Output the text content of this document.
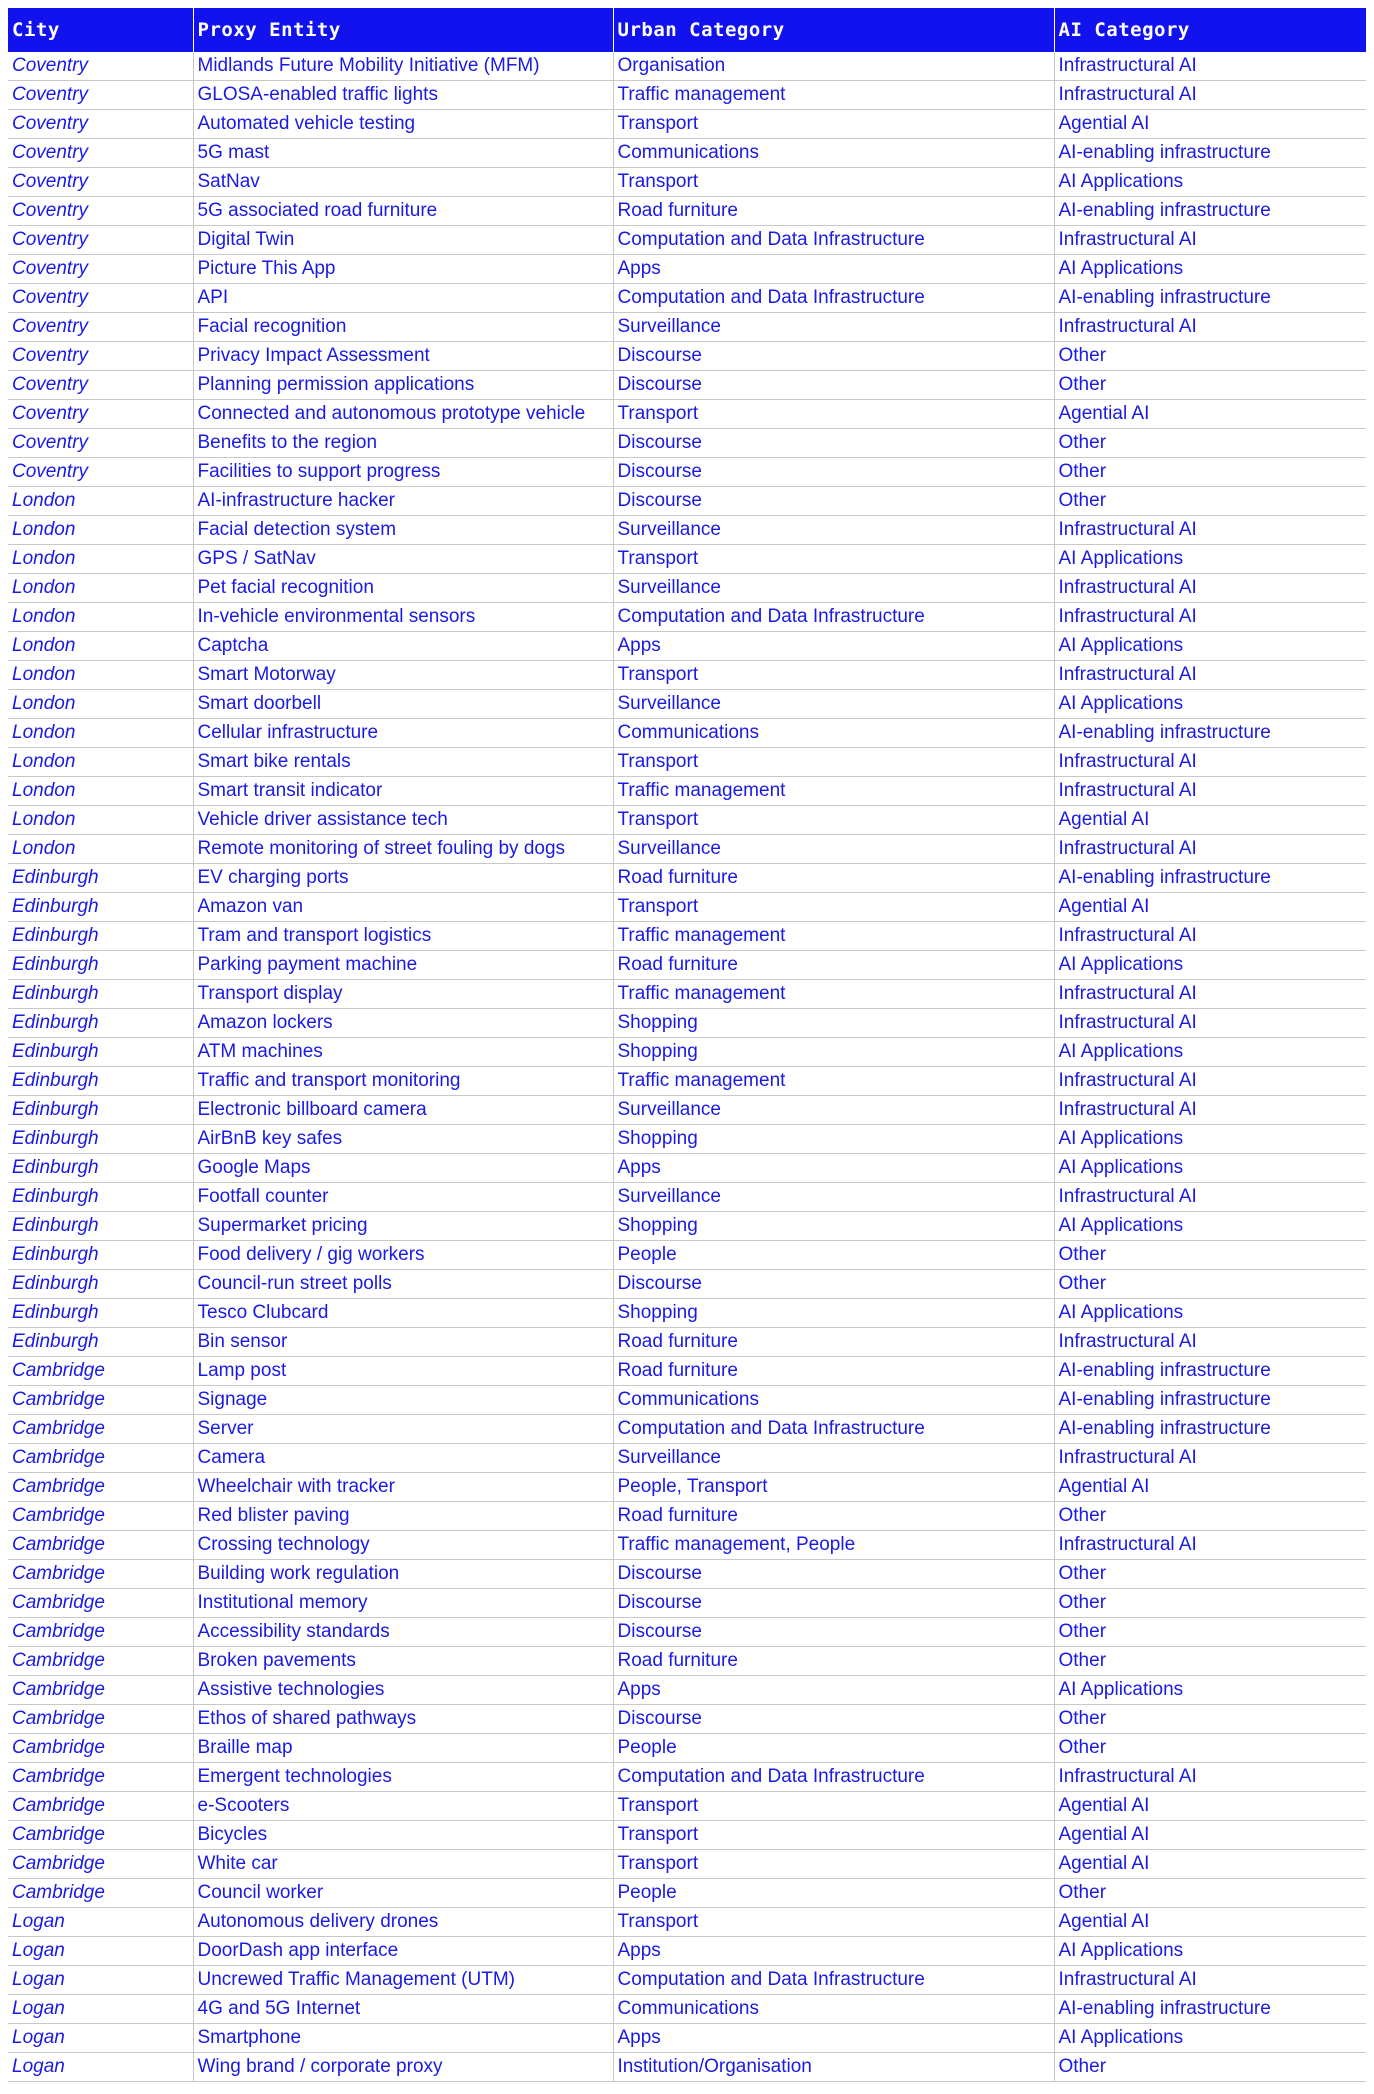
City	Proxy Entity	Urban Category	AI Category
Coventry	Midlands Future Mobility Initiative (MFM)	Organisation	Infrastructural AI
Coventry	GLOSA-enabled traffic lights	Traffic management	Infrastructural AI
Coventry	Automated vehicle testing	Transport	Agential AI
Coventry	5G mast	Communications	AI-enabling infrastructure
Coventry	SatNav	Transport	AI Applications
Coventry	5G associated road furniture	Road furniture	AI-enabling infrastructure
Coventry	Digital Twin	Computation and Data Infrastructure	Infrastructural AI
Coventry	Picture This App	Apps	AI Applications
Coventry	API	Computation and Data Infrastructure	AI-enabling infrastructure
Coventry	Facial recognition	Surveillance	Infrastructural AI
Coventry	Privacy Impact Assessment	Discourse	Other
Coventry	Planning permission applications	Discourse	Other
Coventry	Connected and autonomous prototype vehicle	Transport	Agential AI
Coventry	Benefits to the region	Discourse	Other
Coventry	Facilities to support progress	Discourse	Other
London	AI-infrastructure hacker	Discourse	Other
London	Facial detection system	Surveillance	Infrastructural AI
London	GPS / SatNav	Transport	AI Applications
London	Pet facial recognition	Surveillance	Infrastructural AI
London	In-vehicle environmental sensors	Computation and Data Infrastructure	Infrastructural AI
London	Captcha	Apps	AI Applications
London	Smart Motorway	Transport	Infrastructural AI
London	Smart doorbell	Surveillance	AI Applications
London	Cellular infrastructure	Communications	AI-enabling infrastructure
London	Smart bike rentals	Transport	Infrastructural AI
London	Smart transit indicator	Traffic management	Infrastructural AI
London	Vehicle driver assistance tech	Transport	Agential AI
London	Remote monitoring of street fouling by dogs	Surveillance	Infrastructural AI
Edinburgh	EV charging ports	Road furniture	AI-enabling infrastructure
Edinburgh	Amazon van	Transport	Agential AI
Edinburgh	Tram and transport logistics	Traffic management	Infrastructural AI
Edinburgh	Parking payment machine	Road furniture	AI Applications
Edinburgh	Transport display	Traffic management	Infrastructural AI
Edinburgh	Amazon lockers	Shopping	Infrastructural AI
Edinburgh	ATM machines	Shopping	AI Applications
Edinburgh	Traffic and transport monitoring	Traffic management	Infrastructural AI
Edinburgh	Electronic billboard camera	Surveillance	Infrastructural AI
Edinburgh	AirBnB key safes	Shopping	AI Applications
Edinburgh	Google Maps	Apps	AI Applications
Edinburgh	Footfall counter	Surveillance	Infrastructural AI
Edinburgh	Supermarket pricing	Shopping	AI Applications
Edinburgh	Food delivery / gig workers	People	Other
Edinburgh	Council-run street polls	Discourse	Other
Edinburgh	Tesco Clubcard	Shopping	AI Applications
Edinburgh	Bin sensor	Road furniture	Infrastructural AI
Cambridge	Lamp post	Road furniture	AI-enabling infrastructure
Cambridge	Signage	Communications	AI-enabling infrastructure
Cambridge	Server	Computation and Data Infrastructure	AI-enabling infrastructure
Cambridge	Camera	Surveillance	Infrastructural AI
Cambridge	Wheelchair with tracker	People, Transport	Agential AI
Cambridge	Red blister paving	Road furniture	Other
Cambridge	Crossing technology	Traffic management, People	Infrastructural AI
Cambridge	Building work regulation	Discourse	Other
Cambridge	Institutional memory	Discourse	Other
Cambridge	Accessibility standards	Discourse	Other
Cambridge	Broken pavements	Road furniture	Other
Cambridge	Assistive technologies	Apps	AI Applications
Cambridge	Ethos of shared pathways	Discourse	Other
Cambridge	Braille map	People	Other
Cambridge	Emergent technologies	Computation and Data Infrastructure	Infrastructural AI
Cambridge	e-Scooters	Transport	Agential AI
Cambridge	Bicycles	Transport	Agential AI
Cambridge	White car	Transport	Agential AI
Cambridge	Council worker	People	Other
Logan	Autonomous delivery drones	Transport	Agential AI
Logan	DoorDash app interface	Apps	AI Applications
Logan	Uncrewed Traffic Management (UTM)	Computation and Data Infrastructure	Infrastructural AI
Logan	4G and 5G Internet	Communications	AI-enabling infrastructure
Logan	Smartphone	Apps	AI Applications
Logan	Wing brand / corporate proxy	Institution/Organisation	Other
